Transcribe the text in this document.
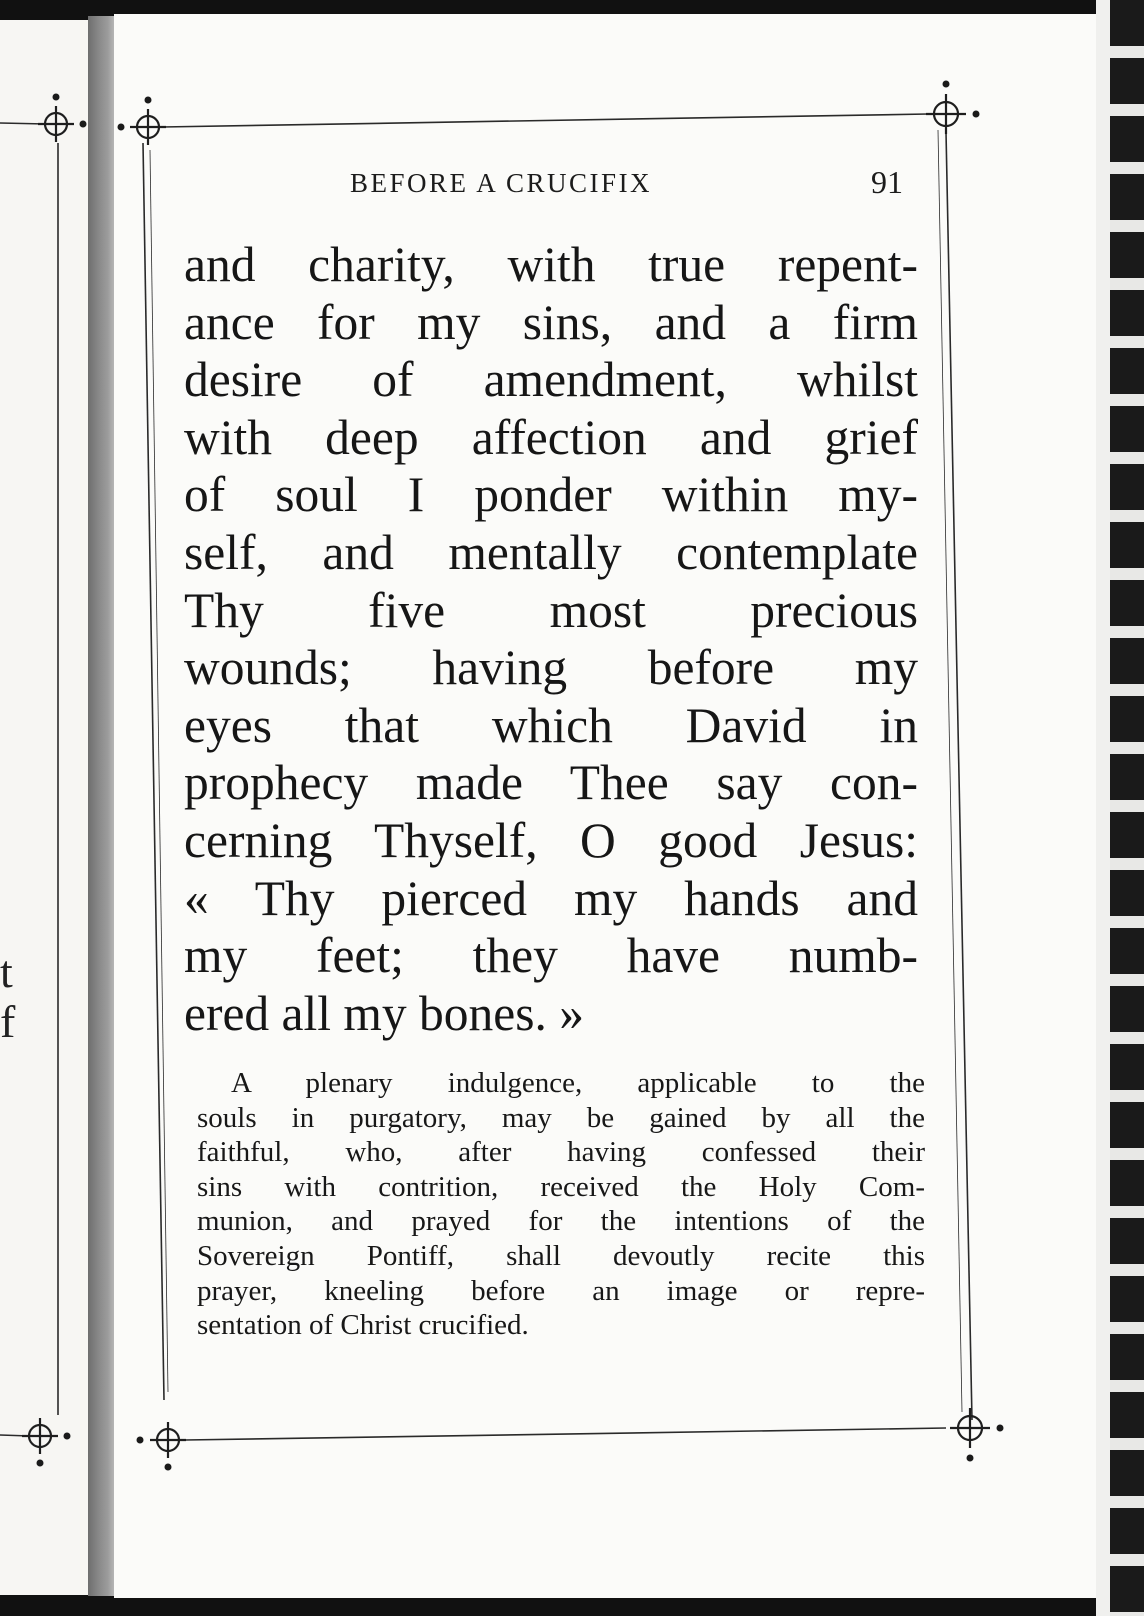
t
f
BEFORE A CRUCIFIX	91
and charity, with true repent-
ance for my sins, and a firm
desire of amendment, whilst
with deep affection and grief
of soul I ponder within my-
self, and mentally contemplate
Thy five most precious
wounds; having before my
eyes that which David in
prophecy made Thee say con-
cerning Thyself, O good Jesus:
« Thy pierced my hands and
my feet; they have numb-
ered all my bones. »
A plenary indulgence, applicable to the
souls in purgatory, may be gained by all the
faithful, who, after having confessed their
sins with contrition, received the Holy Com-
munion, and prayed for the intentions of the
Sovereign Pontiff, shall devoutly recite this
prayer, kneeling before an image or repre-
sentation of Christ crucified.
